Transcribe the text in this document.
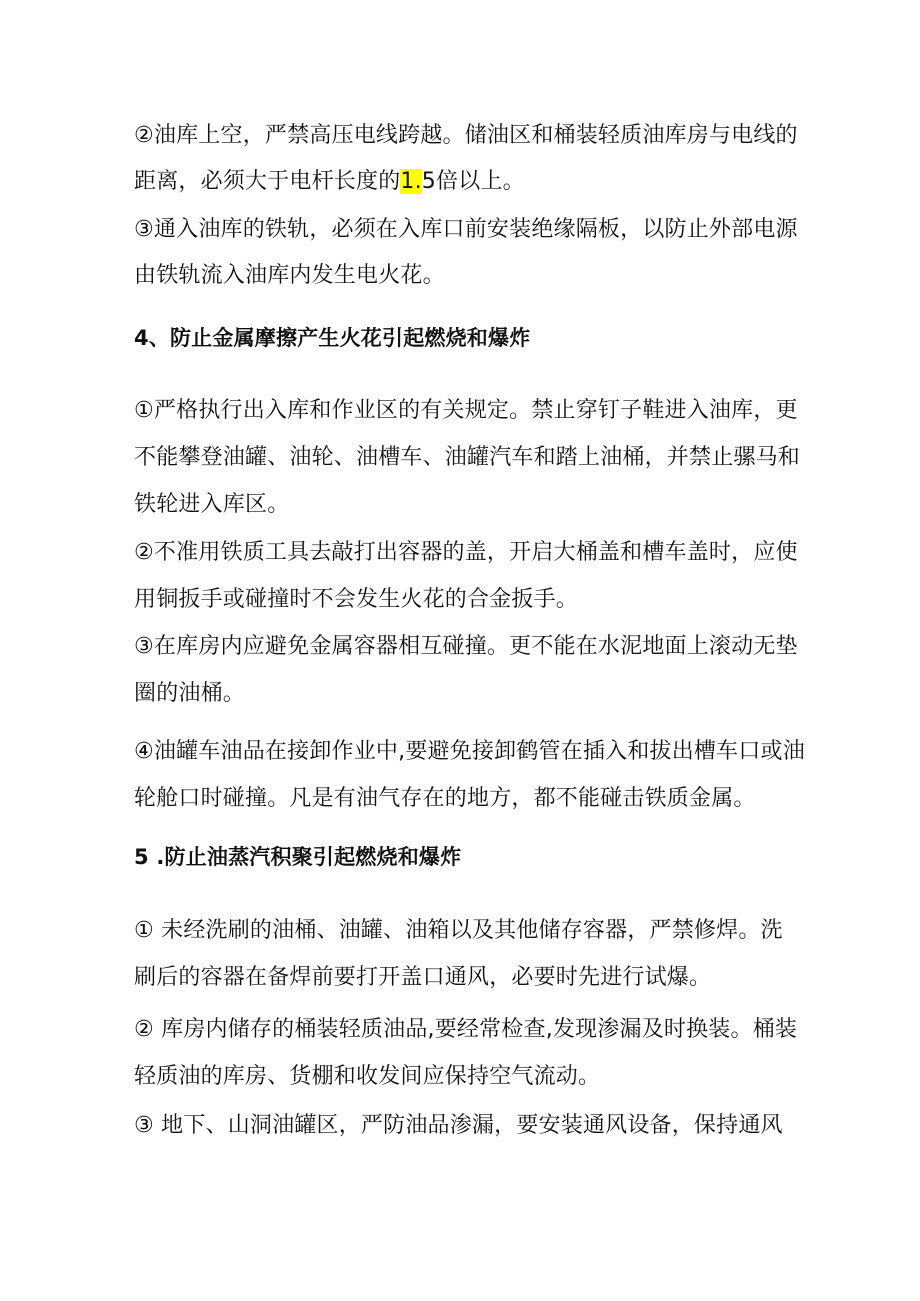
②油库上空，严禁高压电线跨越。储油区和桶装轻质油库房与电线的
距离，必须大于电杆长度的1.5倍以上。
③通入油库的铁轨，必须在入库口前安装绝缘隔板，以防止外部电源
由铁轨流入油库内发生电火花。
4、防止金属摩擦产生火花引起燃烧和爆炸
①严格执行出入库和作业区的有关规定。禁止穿钉子鞋进入油库，更
不能攀登油罐、油轮、油槽车、油罐汽车和踏上油桶，并禁止骡马和
铁轮进入库区。
②不准用铁质工具去敲打出容器的盖，开启大桶盖和槽车盖时，应使
用铜扳手或碰撞时不会发生火花的合金扳手。
③在库房内应避免金属容器相互碰撞。更不能在水泥地面上滚动无垫
圈的油桶。
④油罐车油品在接卸作业中,要避免接卸鹤管在插入和拔出槽车口或油
轮舱口时碰撞。凡是有油气存在的地方，都不能碰击铁质金属。
5 .防止油蒸汽积聚引起燃烧和爆炸
① 未经洗刷的油桶、油罐、油箱以及其他储存容器，严禁修焊。洗
刷后的容器在备焊前要打开盖口通风，必要时先进行试爆。
② 库房内储存的桶装轻质油品,要经常检查,发现渗漏及时换装。桶装
轻质油的库房、货棚和收发间应保持空气流动。
③ 地下、山洞油罐区，严防油品渗漏，要安装通风设备，保持通风
